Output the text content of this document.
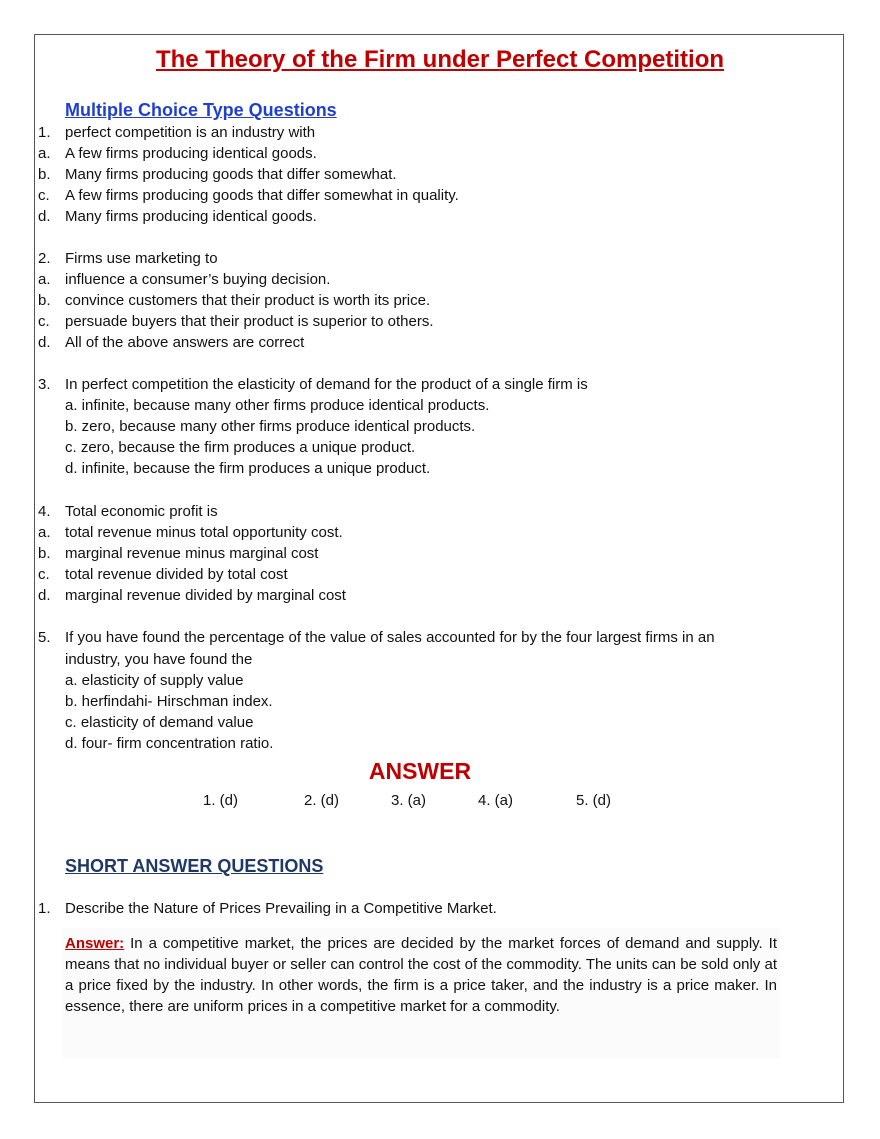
The Theory of the Firm under Perfect Competition
Multiple Choice Type Questions
1. perfect competition is an industry with
a. A few firms producing identical goods.
b. Many firms producing goods that differ somewhat.
c. A few firms producing goods that differ somewhat in quality.
d. Many firms producing identical goods.
2. Firms use marketing to
a. influence a consumer’s buying decision.
b. convince customers that their product is worth its price.
c. persuade buyers that their product is superior to others.
d. All of the above answers are correct
3. In perfect competition the elasticity of demand for the product of a single firm is
a. infinite, because many other firms produce identical products.
b. zero, because many other firms produce identical products.
c. zero, because the firm produces a unique product.
d. infinite, because the firm produces a unique product.
4. Total economic profit is
a. total revenue minus total opportunity cost.
b. marginal revenue minus marginal cost
c. total revenue divided by total cost
d. marginal revenue divided by marginal cost
5. If you have found the percentage of the value of sales accounted for by the four largest firms in an
industry, you have found the
a. elasticity of supply value
b. herfindahi- Hirschman index.
c. elasticity of demand value
d. four- firm concentration ratio.
ANSWER
1. (d)	2. (d)	3. (a)	4. (a)	5. (d)
SHORT ANSWER QUESTIONS
1. Describe the Nature of Prices Prevailing in a Competitive Market.
Answer: In a competitive market, the prices are decided by the market forces of demand and supply. It means that no individual buyer or seller can control the cost of the commodity. The units can be sold only at a price fixed by the industry. In other words, the firm is a price taker, and the industry is a price maker. In essence, there are uniform prices in a competitive market for a commodity.
